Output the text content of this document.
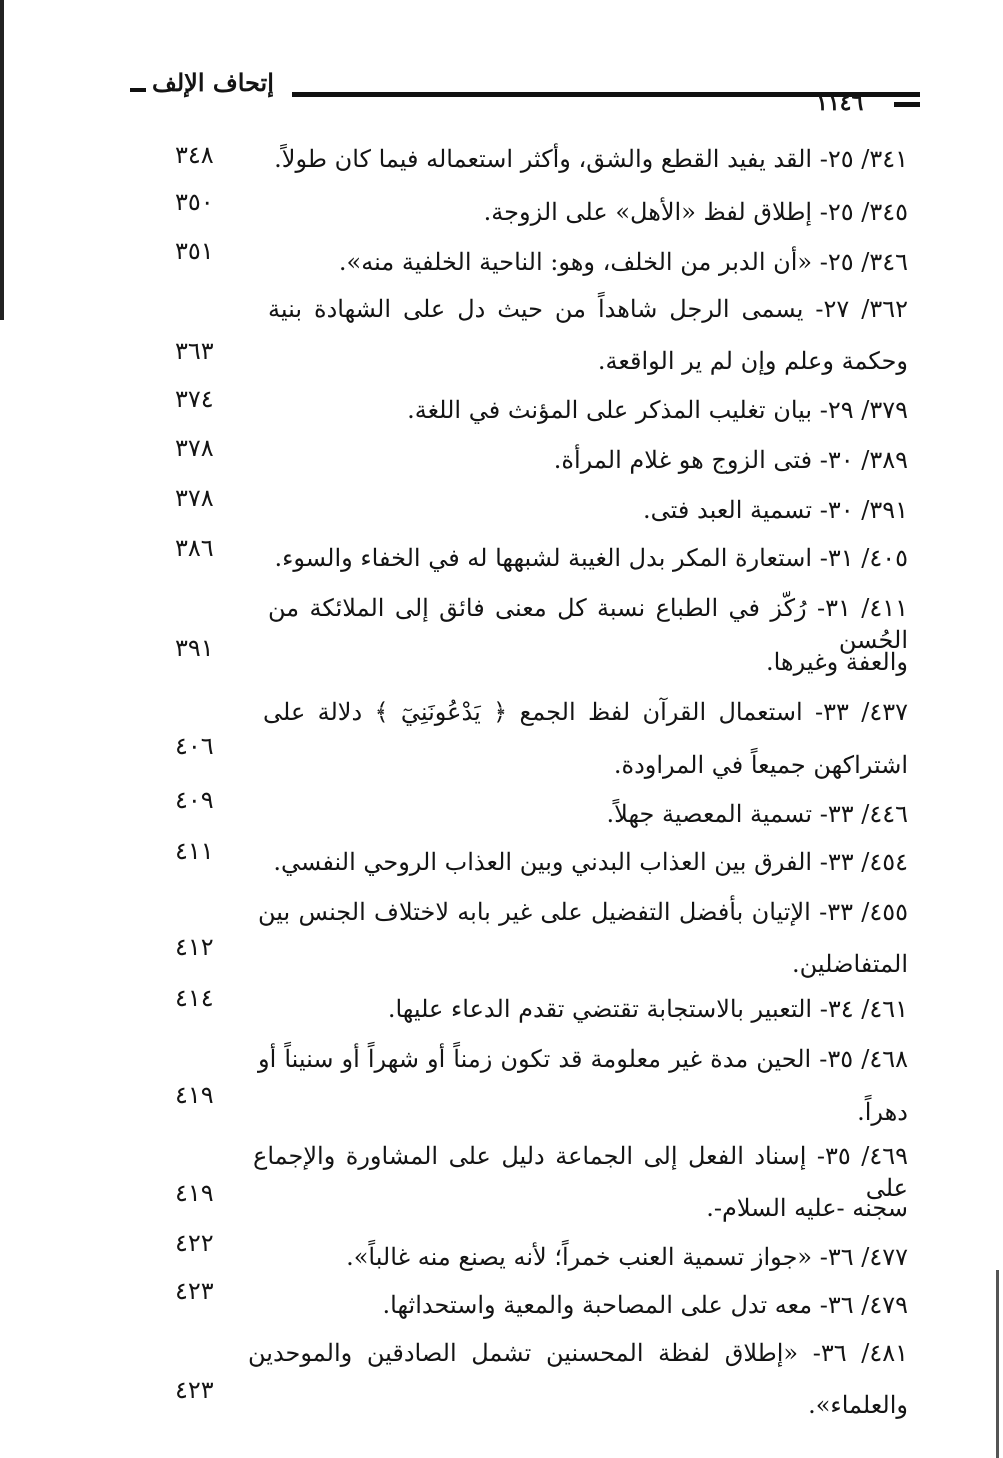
إتحاف الإلف
١١٤٦
٣٤١/ ٢٥- القد يفيد القطع والشق، وأكثر استعماله فيما كان طولاً.
٣٤٨
٣٤٥/ ٢٥- إطلاق لفظ «الأهل» على الزوجة.
٣٥٠
٣٤٦/ ٢٥- «أن الدبر من الخلف، وهو: الناحية الخلفية منه».
٣٥١
٣٦٢/ ٢٧- يسمى الرجل شاهداً من حيث دل على الشهادة بنية
وحكمة وعلم وإن لم ير الواقعة.
٣٦٣
٣٧٩/ ٢٩- بيان تغليب المذكر على المؤنث في اللغة.
٣٧٤
٣٨٩/ ٣٠- فتى الزوج هو غلام المرأة.
٣٧٨
٣٩١/ ٣٠- تسمية العبد فتى.
٣٧٨
٤٠٥/ ٣١- استعارة المكر بدل الغيبة لشبهها له في الخفاء والسوء.
٣٨٦
٤١١/ ٣١- رُكّز في الطباع نسبة كل معنى فائق إلى الملائكة من الحُسن
والعفة وغيرها.
٣٩١
٤٣٧/ ٣٣- استعمال القرآن لفظ الجمع ﴿ يَدْعُونَنِيٓ ﴾ دلالة على
اشتراكهن جميعاً في المراودة.
٤٠٦
٤٤٦/ ٣٣- تسمية المعصية جهلاً.
٤٠٩
٤٥٤/ ٣٣- الفرق بين العذاب البدني وبين العذاب الروحي النفسي.
٤١١
٤٥٥/ ٣٣- الإتيان بأفضل التفضيل على غير بابه لاختلاف الجنس بين
المتفاضلين.
٤١٢
٤٦١/ ٣٤- التعبير بالاستجابة تقتضي تقدم الدعاء عليها.
٤١٤
٤٦٨/ ٣٥- الحين مدة غير معلومة قد تكون زمناً أو شهراً أو سنيناً أو
دهراً.
٤١٩
٤٦٩/ ٣٥- إسناد الفعل إلى الجماعة دليل على المشاورة والإجماع على
سجنه -عليه السلام-.
٤١٩
٤٧٧/ ٣٦- «جواز تسمية العنب خمراً؛ لأنه يصنع منه غالباً».
٤٢٢
٤٧٩/ ٣٦- معه تدل على المصاحبة والمعية واستحداثها.
٤٢٣
٤٨١/ ٣٦- «إطلاق لفظة المحسنين تشمل الصادقين والموحدين
والعلماء».
٤٢٣
